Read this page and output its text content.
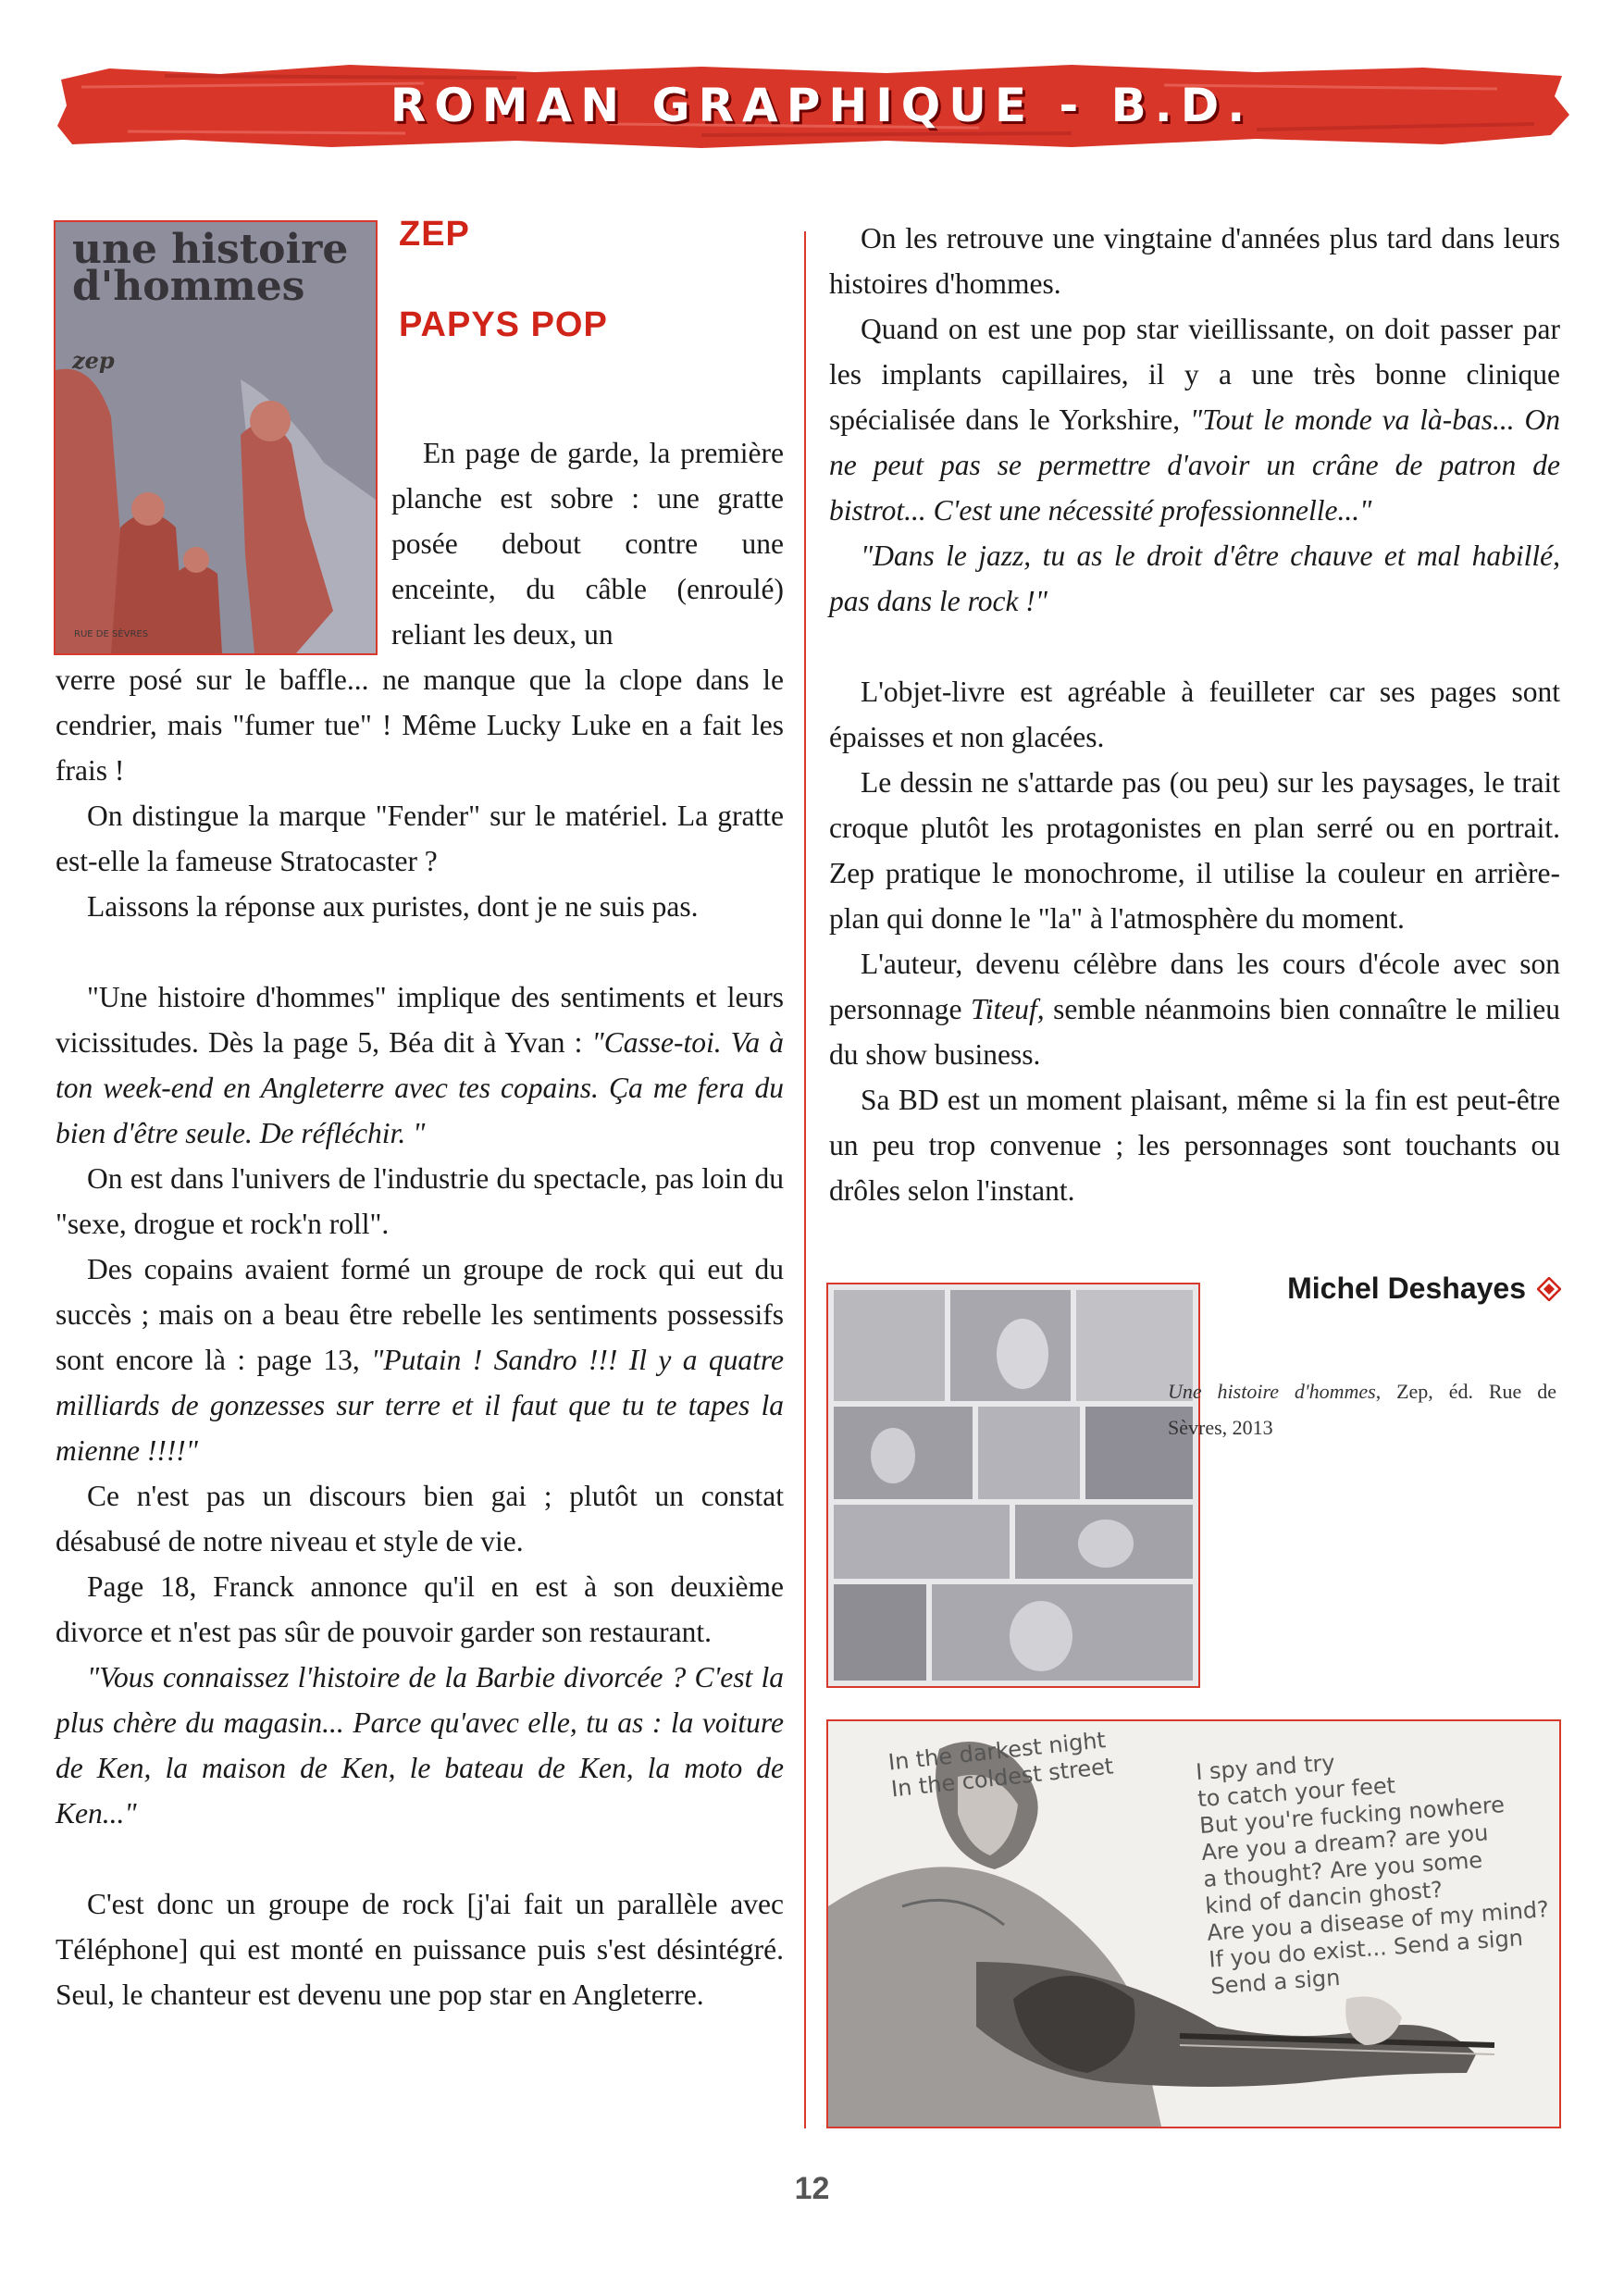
ROMAN GRAPHIQUE - B.D.
une histoire d'hommes
zep
RUE DE SÈVRES
ZEP
PAPYS POP

En page de garde, la première planche est sobre : une gratte posée debout contre une enceinte, du câble (enroulé) reliant les deux, un

verre posé sur le baffle... ne manque que la clope dans le cendrier, mais "fumer tue" ! Même Lucky Luke en a fait les frais !

On distingue la marque "Fender" sur le matériel. La gratte est-elle la fameuse Stratocaster ?

Laissons la réponse aux puristes, dont je ne suis pas.

"Une histoire d'hommes" implique des sentiments et leurs vicissitudes. Dès la page 5, Béa dit à Yvan : "Casse-toi. Va à ton week-end en Angleterre avec tes copains. Ça me fera du bien d'être seule. De réfléchir. "

On est dans l'univers de l'industrie du spectacle, pas loin du "sexe, drogue et rock'n roll".

Des copains avaient formé un groupe de rock qui eut du succès ; mais on a beau être rebelle les sentiments possessifs sont encore là : page 13, "Putain ! Sandro !!! Il y a quatre milliards de gonzesses sur terre et il faut que tu te tapes la mienne !!!!"

Ce n'est pas un discours bien gai ; plutôt un constat désabusé de notre niveau et style de vie.

Page 18, Franck annonce qu'il en est à son deuxième divorce et n'est pas sûr de pouvoir garder son restaurant.

"Vous connaissez l'histoire de la Barbie divorcée ? C'est la plus chère du magasin... Parce qu'avec elle, tu as : la voiture de Ken, la maison de Ken, le bateau de Ken, la moto de Ken..."

C'est donc un groupe de rock [j'ai fait un parallèle avec Téléphone] qui est monté en puissance puis s'est désintégré. Seul, le chanteur est devenu une pop star en Angleterre.

On les retrouve une vingtaine d'années plus tard dans leurs histoires d'hommes.

Quand on est une pop star vieillissante, on doit passer par les implants capillaires, il y a une très bonne clinique spécialisée dans le Yorkshire, "Tout le monde va là-bas... On ne peut pas se permettre d'avoir un crâne de patron de bistrot... C'est une nécessité professionnelle..."

"Dans le jazz, tu as le droit d'être chauve et mal habillé, pas dans le rock !"

L'objet-livre est agréable à feuilleter car ses pages sont épaisses et non glacées.

Le dessin ne s'attarde pas (ou peu) sur les paysages, le trait croque plutôt les protagonistes en plan serré ou en portrait. Zep pratique le monochrome, il utilise la couleur en arrière-plan qui donne le "la" à l'atmosphère du moment.

L'auteur, devenu célèbre dans les cours d'école avec son personnage Titeuf, semble néanmoins bien connaître le milieu du show business.

Sa BD est un moment plaisant, même si la fin est peut-être un peu trop convenue ; les personnages sont touchants ou drôles selon l'instant.

Michel Deshayes
Une histoire d'hommes, Zep, éd. Rue de Sèvres, 2013
In the darkest night
In the coldest street	I spy and try
to catch your feet
But you're fucking nowhere
Are you a dream? are you
a thought? Are you some
kind of dancin ghost?
Are you a disease of my mind?
If you do exist... Send a sign
Send a sign
12
